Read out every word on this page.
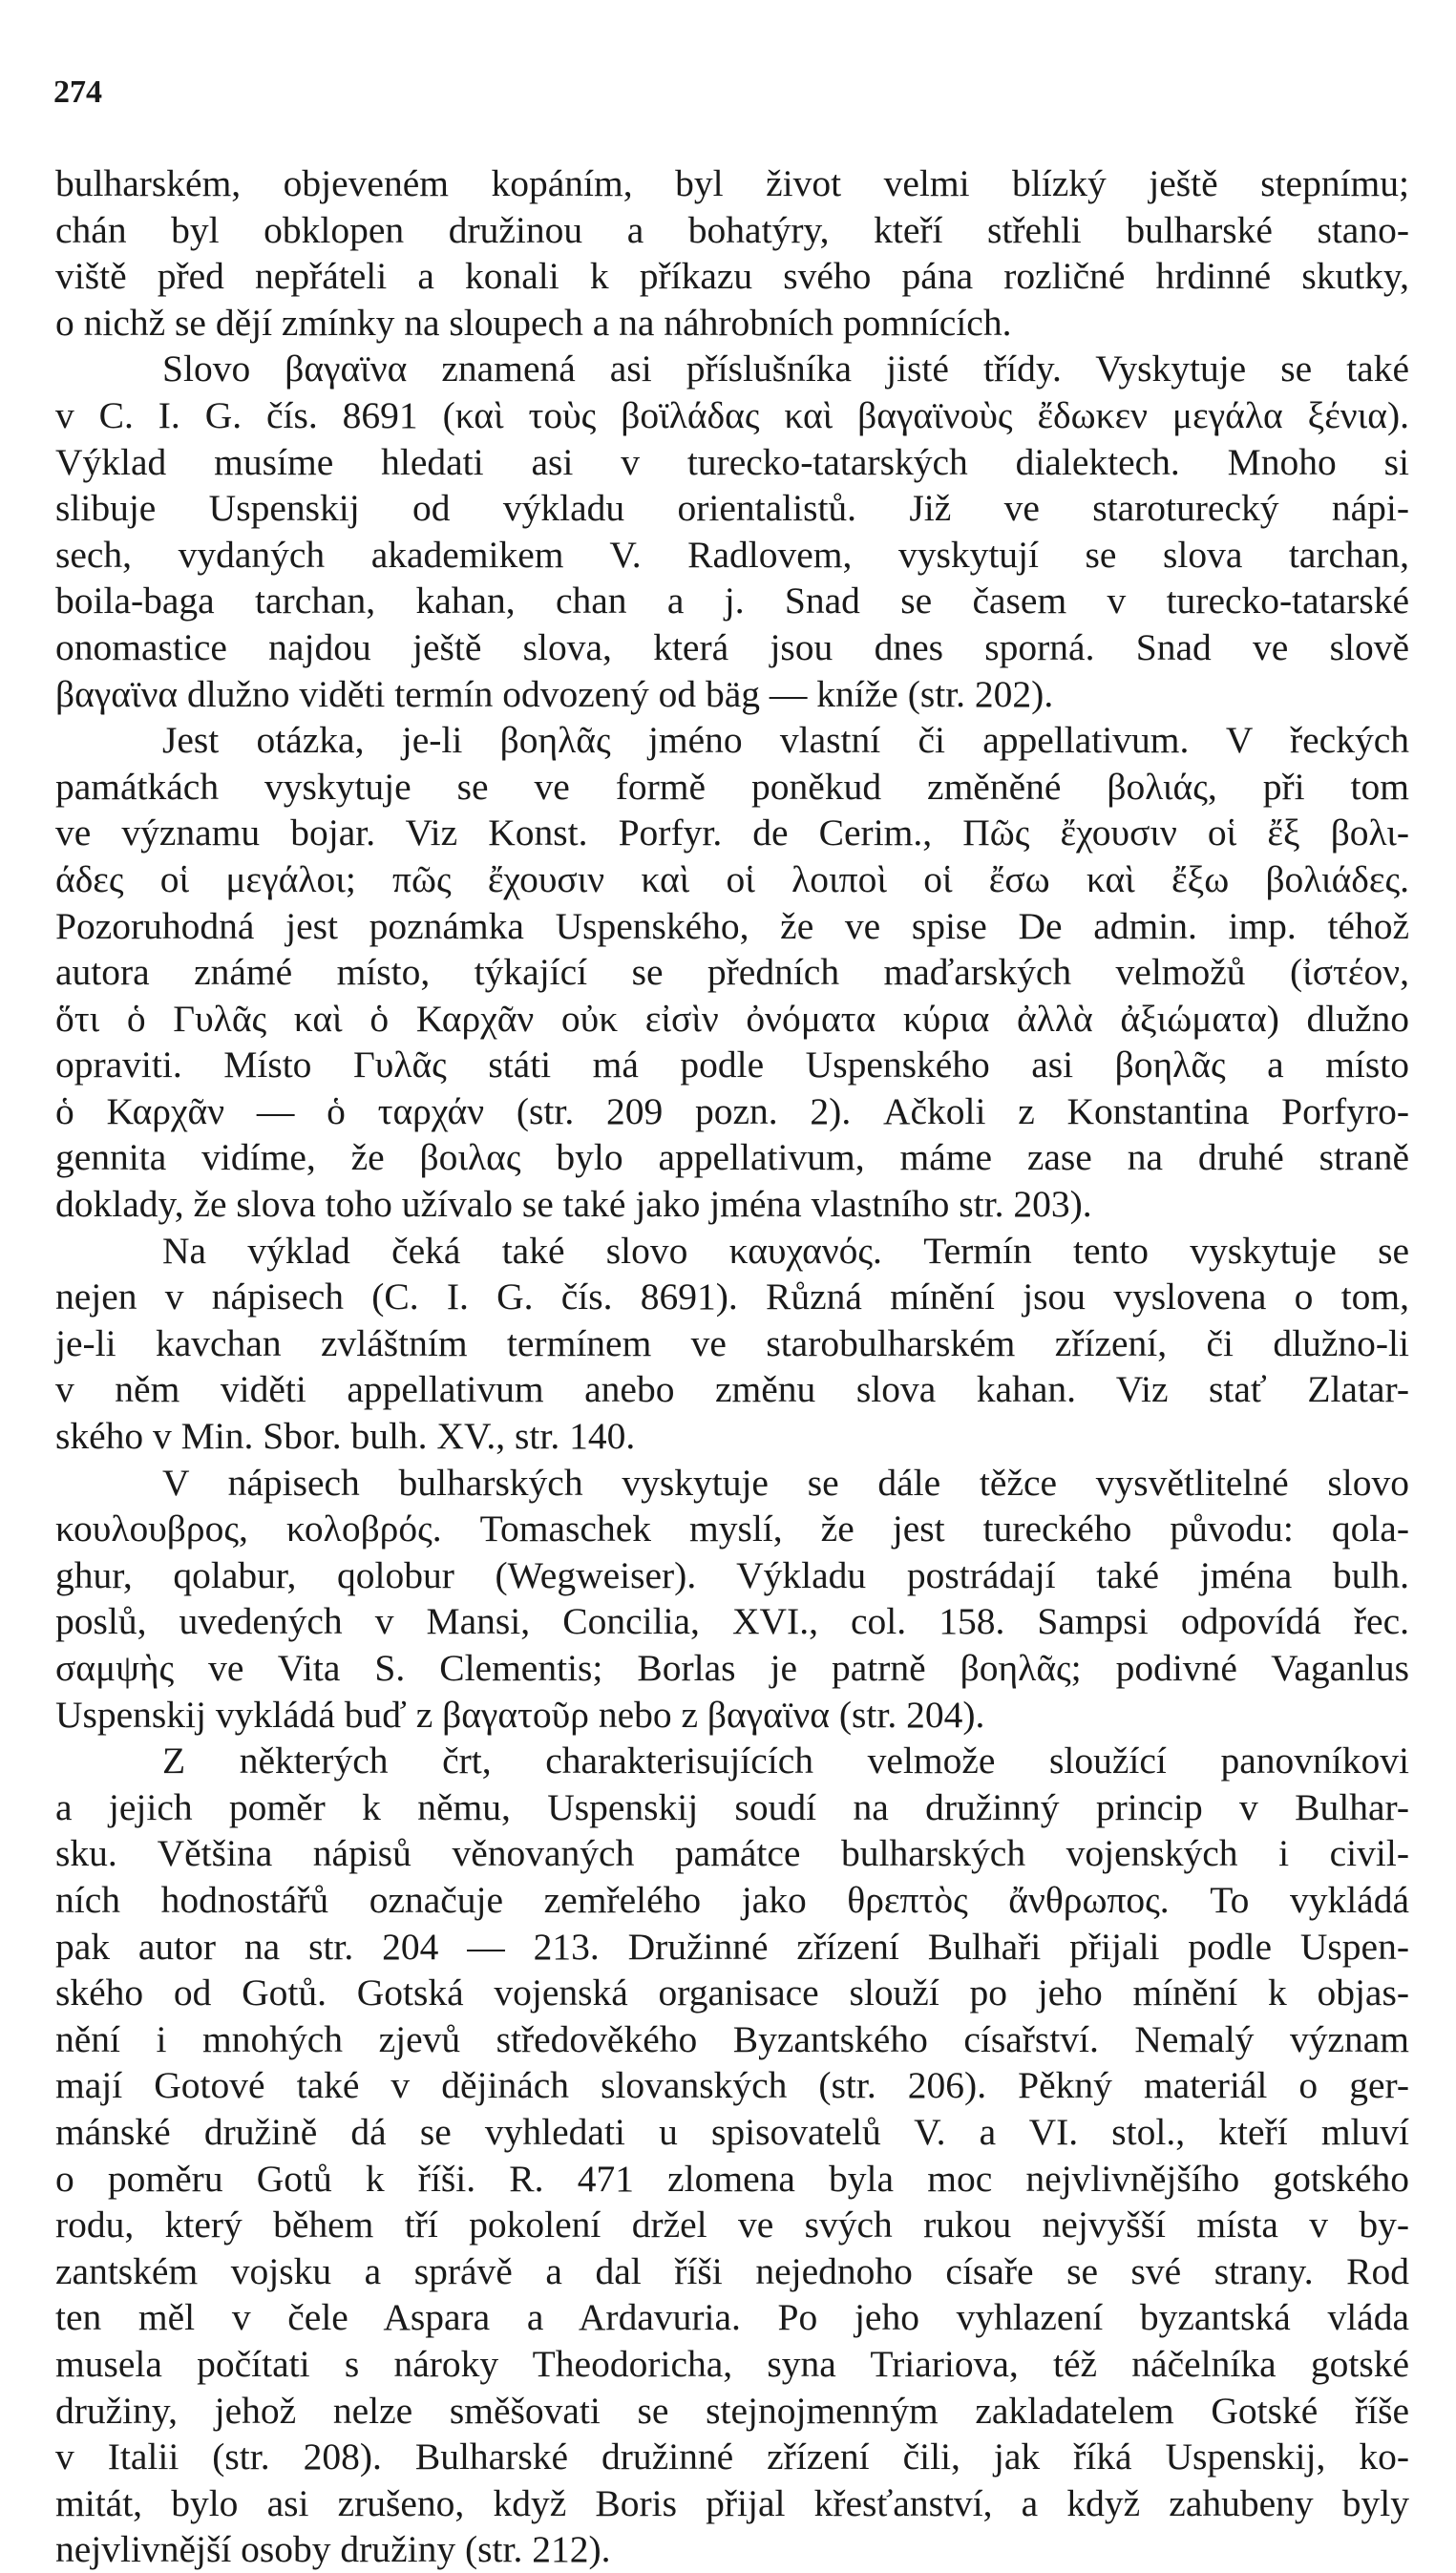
274
bulharském, objeveném kopáním, byl život velmi blízký ještě stepnímu;
chán byl obklopen družinou a bohatýry, kteří střehli bulharské stano-
viště před nepřáteli a konali k příkazu svého pána rozličné hrdinné skutky,
o nichž se dějí zmínky na sloupech a na náhrobních pomnících.
Slovo βαγαϊνα znamená asi příslušníka jisté třídy. Vyskytuje se také
v C. I. G. čís. 8691 (καὶ τοὺς βοϊλάδας καὶ βαγαϊνοὺς ἔδωκεν μεγάλα ξένια).
Výklad musíme hledati asi v turecko-tatarských dialektech. Mnoho si
slibuje Uspenskij od výkladu orientalistů. Již ve staroturecký nápi-
sech, vydaných akademikem V. Radlovem, vyskytují se slova tarchan,
boila-baga tarchan, kahan, chan a j. Snad se časem v turecko-tatarské
onomastice najdou ještě slova, která jsou dnes sporná. Snad ve slově
βαγαϊνα dlužno viděti termín odvozený od bäg — kníže (str. 202).
Jest otázka, je-li βοηλᾶς jméno vlastní či appellativum. V řeckých
památkách vyskytuje se ve formě poněkud změněné βολιάς, při tom
ve významu bojar. Viz Konst. Porfyr. de Cerim., Πῶς ἔχουσιν οἱ ἔξ βολι-
άδες οἱ μεγάλοι; πῶς ἔχουσιν καὶ οἱ λοιποὶ οἱ ἔσω καὶ ἔξω βολιάδες.
Pozoruhodná jest poznámka Uspenského, že ve spise De admin. imp. téhož
autora známé místo, týkající se předních maďarských velmožů (ἰστέον,
ὅτι ὁ Γυλᾶς καὶ ὁ Καρχᾶν οὐκ εἰσὶν ὀνόματα κύρια ἀλλὰ ἀξιώματα) dlužno
opraviti. Místo Γυλᾶς státi má podle Uspenského asi βοηλᾶς a místo
ὁ Καρχᾶν — ὁ ταρχάν (str. 209 pozn. 2). Ačkoli z Konstantina Porfyro-
gennita vidíme, že βοιλας bylo appellativum, máme zase na druhé straně
doklady, že slova toho užívalo se také jako jména vlastního str. 203).
Na výklad čeká také slovo καυχανός. Termín tento vyskytuje se
nejen v nápisech (C. I. G. čís. 8691). Různá mínění jsou vyslovena o tom,
je-li kavchan zvláštním termínem ve starobulharském zřízení, či dlužno-li
v něm viděti appellativum anebo změnu slova kahan. Viz stať Zlatar-
ského v Min. Sbor. bulh. XV., str. 140.
V nápisech bulharských vyskytuje se dále těžce vysvětlitelné slovo
κουλουβρος, κολοβρός. Tomaschek myslí, že jest tureckého původu: qola-
ghur, qolabur, qolobur (Wegweiser). Výkladu postrádají také jména bulh.
poslů, uvedených v Mansi, Concilia, XVI., col. 158. Sampsi odpovídá řec.
σαμψὴς ve Vita S. Clementis; Borlas je patrně βοηλᾶς; podivné Vaganlus
Uspenskij vykládá buď z βαγατοῦρ nebo z βαγαϊνα (str. 204).
Z některých črt, charakterisujících velmože sloužící panovníkovi
a jejich poměr k němu, Uspenskij soudí na družinný princip v Bulhar-
sku. Většina nápisů věnovaných památce bulharských vojenských i civil-
ních hodnostářů označuje zemřelého jako θρεπτὸς ἄνθρωπος. To vykládá
pak autor na str. 204 — 213. Družinné zřízení Bulhaři přijali podle Uspen-
ského od Gotů. Gotská vojenská organisace slouží po jeho mínění k objas-
nění i mnohých zjevů středověkého Byzantského císařství. Nemalý význam
mají Gotové také v dějinách slovanských (str. 206). Pěkný materiál o ger-
mánské družině dá se vyhledati u spisovatelů V. a VI. stol., kteří mluví
o poměru Gotů k říši. R. 471 zlomena byla moc nejvlivnějšího gotského
rodu, který během tří pokolení držel ve svých rukou nejvyšší místa v by-
zantském vojsku a správě a dal říši nejednoho císaře se své strany. Rod
ten měl v čele Aspara a Ardavuria. Po jeho vyhlazení byzantská vláda
musela počítati s nároky Theodoricha, syna Triariova, též náčelníka gotské
družiny, jehož nelze směšovati se stejnojmenným zakladatelem Gotské říše
v Italii (str. 208). Bulharské družinné zřízení čili, jak říká Uspenskij, ko-
mitát, bylo asi zrušeno, když Boris přijal křesťanství, a když zahubeny byly
nejvlivnější osoby družiny (str. 212).
